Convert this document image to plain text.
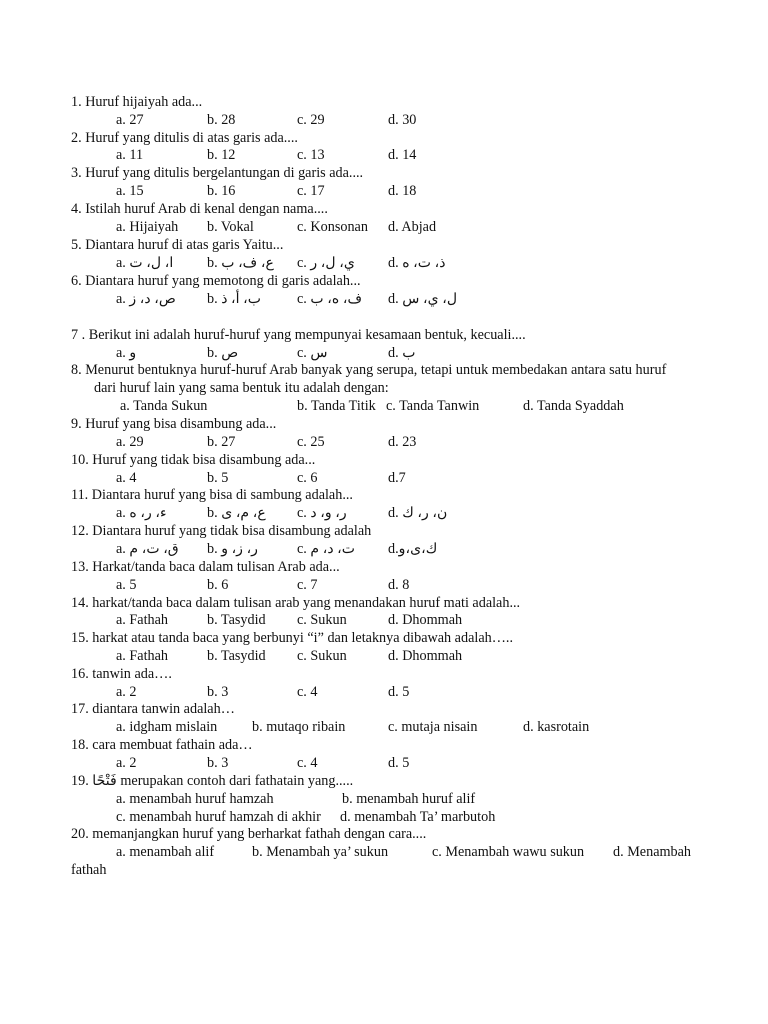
1. Huruf hijaiyah ada...
a. 27	b. 28	c. 29	d. 30
2. Huruf yang ditulis di atas garis ada....
a. 11	b. 12	c. 13	d. 14
3. Huruf yang ditulis bergelantungan di garis ada....
a. 15	b. 16	c. 17	d. 18
4. Istilah huruf Arab di kenal dengan nama....
a. Hijaiyah b. Vokal	c. Konsonan d. Abjad
5. Diantara huruf di atas garis Yaitu...
a. ا، ل، ت b. ع، ف، ب c. ي، ل، ر d. ذ، ت، ه
6. Diantara huruf yang memotong di garis adalah...
a. ص، د، ز b. ب، أ، ذ	c. ف، ه، ب d. ل، ي، س
7 . Berikut ini adalah huruf-huruf yang mempunyai kesamaan bentuk, kecuali....
a. و	b. ص	c. س	d. ب
8. Menurut bentuknya huruf-huruf Arab banyak yang serupa, tetapi untuk membedakan antara satu huruf
dari huruf lain yang sama bentuk itu adalah dengan:
a. Tanda Sukun	b. Tanda Titik c. Tanda Tanwin	d. Tanda Syaddah
9. Huruf yang bisa disambung ada...
a. 29	b. 27	c. 25	d. 23
10. Huruf yang tidak bisa disambung ada...
a. 4	b. 5	c. 6	d.7
11. Diantara huruf yang bisa di sambung adalah...
a. ء، ر، ه	b. ع، م، ى c. ر، و، د	d. ن، ر، ك
12. Diantara huruf yang tidak bisa disambung adalah
a. ق، ت، م b. ر، ز، و	c. ت، د، م d.ك،ى،و
13. Harkat/tanda baca dalam tulisan Arab ada...
a. 5	b. 6	c. 7	d. 8
14. harkat/tanda baca dalam tulisan arab yang menandakan huruf mati adalah...
a. Fathah	b. Tasydid c. Sukun	d. Dhommah
15. harkat atau tanda baca yang berbunyi “i” dan letaknya dibawah adalah…..
a. Fathah	b. Tasydid c. Sukun	d. Dhommah
16. tanwin ada….
a. 2	b. 3	c. 4	d. 5
17. diantara tanwin adalah…
a. idgham mislain b. mutaqo ribain	c. mutaja nisain	d. kasrotain
18. cara membuat fathain ada…
a. 2	b. 3	c. 4	d. 5
19. فَتْحًا merupakan contoh dari fathatain yang.....
a. menambah huruf hamzah	b. menambah huruf alif
c. menambah huruf hamzah di akhir d. menambah Ta’ marbutoh
20. memanjangkan huruf yang berharkat fathah dengan cara....
a. menambah alif	b. Menambah ya’ sukun	c. Menambah wawu sukun d. Menambah
fathah
